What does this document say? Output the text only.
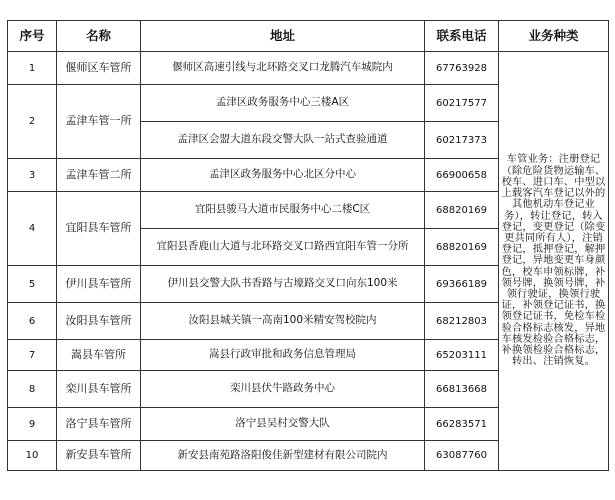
序号	名称	地址	联系电话	业务种类
1	偃师区车管所	偃师区高速引线与北环路交叉口龙腾汽车城院内	67763928	车管业务：注册登记（除危险货物运输车、校车、进口车、中型以上载客汽车登记以外的其他机动车登记业务），转让登记，转入登记，变更登记（除变更共同所有人），注销登记，抵押登记，解押登记，异地变更车身颜色，校车申领标牌，补领号牌，换领号牌，补领行驶证，换领行驶证，补领登记证书，换领登记证书，免检车检验合格标志核发，异地车核发检验合格标志，补换领检验合格标志，转出、注销恢复。
2	孟津车管一所	孟津区政务服务中心三楼A区	60217577	
		孟津区会盟大道东段交警大队一站式查验通道	60217373	
3	孟津车管二所	孟津区政务服务中心北区分中心	66900658	
4	宜阳县车管所	宜阳县骏马大道市民服务中心二楼C区	68820169	
		宜阳县香鹿山大道与北环路交叉口路西宜阳车管一分所	68820169	
5	伊川县车管所	伊川县交警大队书香路与古壕路交叉口向东100米	69366189	
6	汝阳县车管所	汝阳县城关镇一高南100米精安驾校院内	68212803	
7	嵩县车管所	嵩县行政审批和政务信息管理局	65203111	
8	栾川县车管所	栾川县伏牛路政务中心	66813668	
9	洛宁县车管所	洛宁县吴村交警大队	66283571	
10	新安县车管所	新安县南苑路洛阳俊佳新型建材有限公司院内	63087760	
